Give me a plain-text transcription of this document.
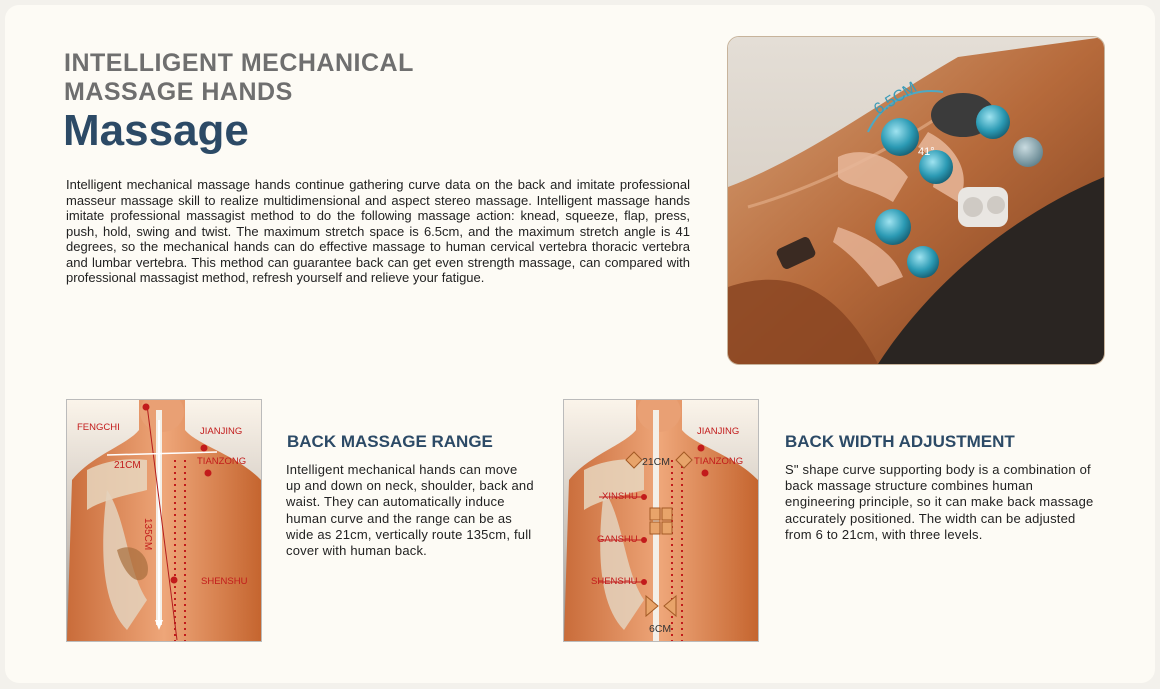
INTELLIGENT MECHANICAL
MASSAGE HANDS
Massage

Intelligent mechanical massage hands continue gathering curve data on the back and imitate professional masseur massage skill to realize multidimensional and aspect stereo massage. Intelligent massage hands imitate professional massagist method to do the following massage action: knead, squeeze, flap, press, push, hold, swing and twist. The maximum stretch space is 6.5cm, and the maximum stretch angle is 41 degrees, so the mechanical hands can do effective massage to human cervical vertebra thoracic vertebra and lumbar vertebra. This method can guarantee back can get even strength massage, can compared with professional massagist method, refresh yourself and relieve your fatigue.

6.5CM
41°
FENGCHI	JIANJING
TIANZONG
21CM
135CM
SHENSHU
BACK MASSAGE RANGE

Intelligent mechanical hands can move up and down on neck, shoulder, back and waist. They can automatically induce human curve and the range can be as wide as 21cm, vertically route 135cm, full cover with human back.

JIANJING
TIANZONG
21CM
XINSHU
GANSHU
SHENSHU
6CM
BACK WIDTH ADJUSTMENT

S" shape curve supporting body is a combination of back massage structure combines human engineering principle, so it can make back massage accurately positioned. The width can be adjusted from 6 to 21cm, with three levels.
